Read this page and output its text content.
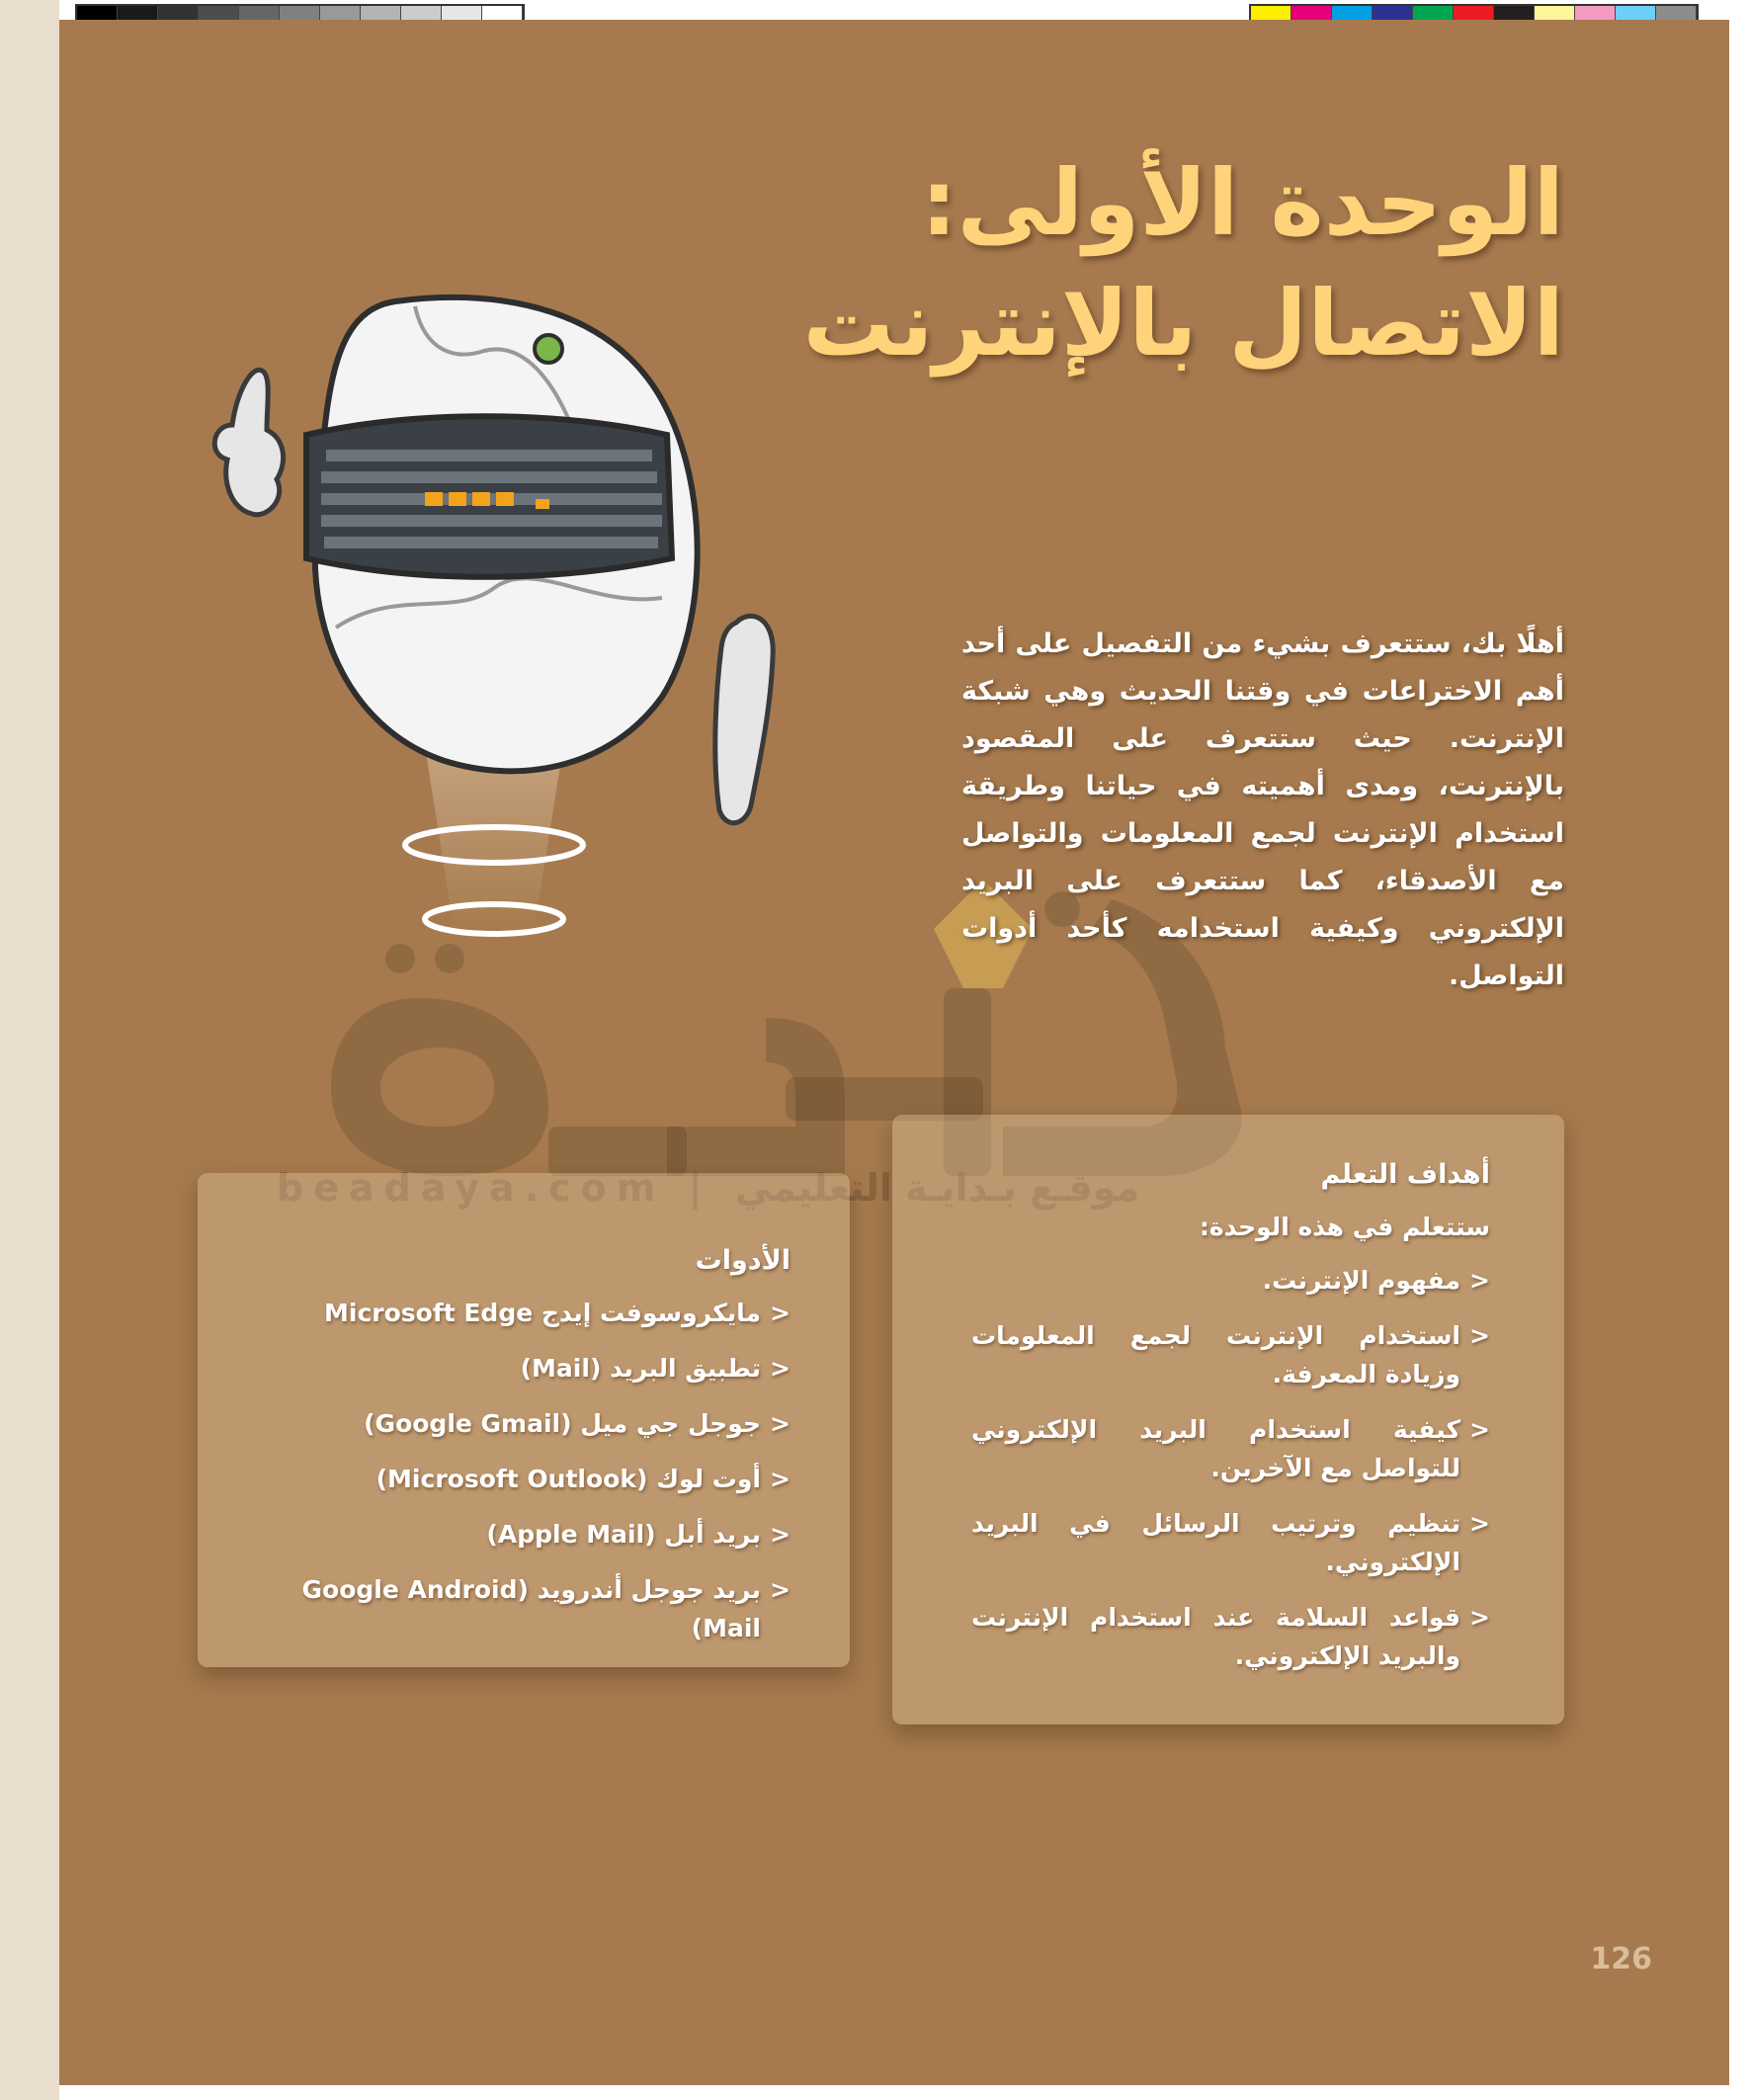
beadaya.com | موقـع بـدايـة التعليمي
الوحدة الأولى:
الاتصال بالإنترنت
أهلًا بك، ستتعرف بشيء من التفصيل على أحد أهم الاختراعات في وقتنا الحديث وهي شبكة الإنترنت. حيث ستتعرف على المقصود بالإنترنت، ومدى أهميته في حياتنا وطريقة استخدام الإنترنت لجمع المعلومات والتواصل مع الأصدقاء، كما ستتعرف على البريد الإلكتروني وكيفية استخدامه كأحد أدوات التواصل.
أهداف التعلم
ستتعلم في هذه الوحدة:
<
مفهوم الإنترنت.
<
استخدام الإنترنت لجمع المعلومات وزيادة المعرفة.
<
كيفية استخدام البريد الإلكتروني للتواصل مع الآخرين.
<
تنظيم وترتيب الرسائل في البريد الإلكتروني.
<
قواعد السلامة عند استخدام الإنترنت والبريد الإلكتروني.
الأدوات
<
مايكروسوفت إيدج Microsoft Edge
<
تطبيق البريد (Mail)
<
جوجل جي ميل (Google Gmail)
<
أوت لوك (Microsoft Outlook)
<
بريد أبل (Apple Mail)
<
بريد جوجل أندرويد (Google Android Mail)
126
